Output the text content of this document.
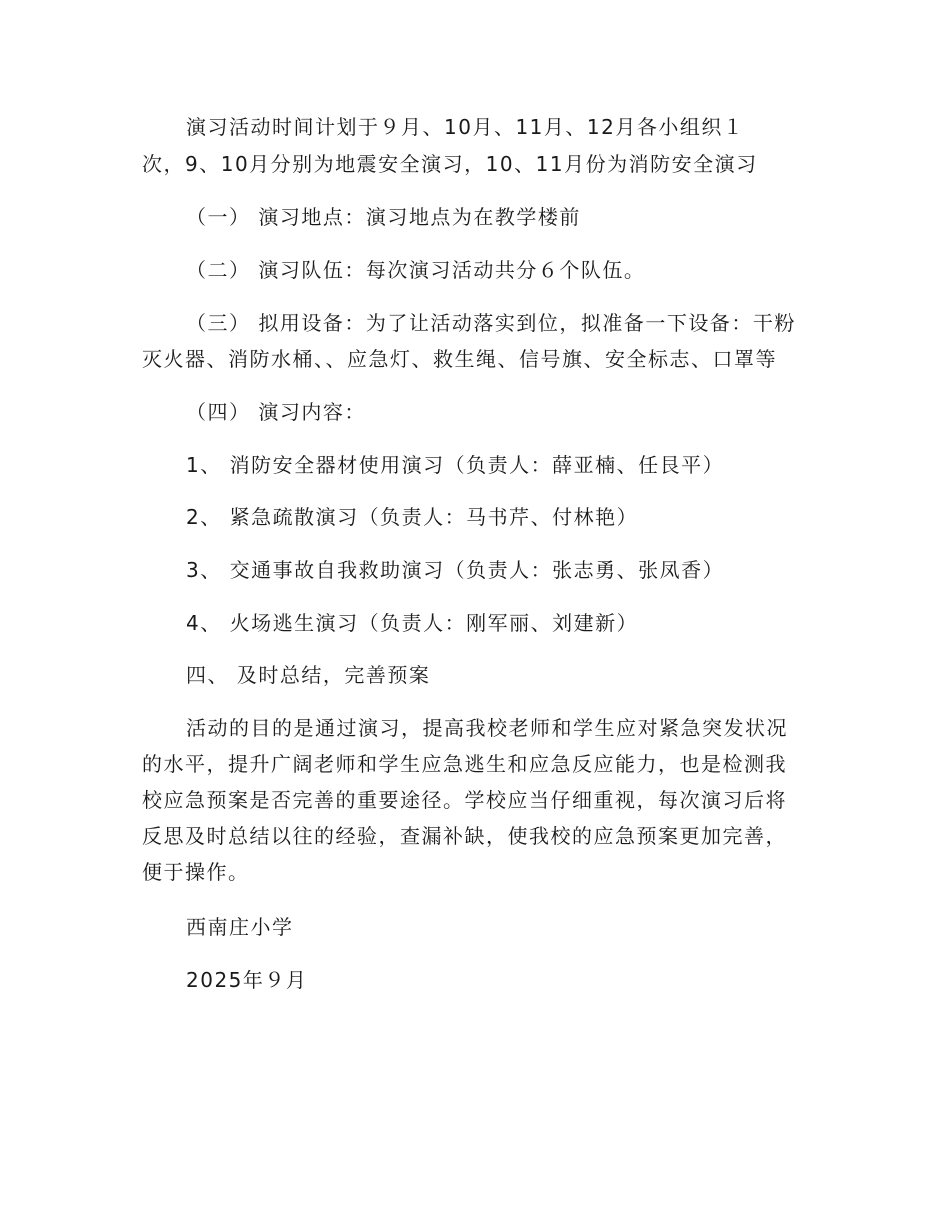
演习活动时间计划于９月、10月、11月、12月各小组织１
次，9、10月分别为地震安全演习，10、11月份为消防安全演习
（一） 演习地点：演习地点为在教学楼前
（二） 演习队伍：每次演习活动共分６个队伍。
（三） 拟用设备：为了让活动落实到位，拟准备一下设备：干粉
灭火器、消防水桶、、应急灯、救生绳、信号旗、安全标志、口罩等
（四） 演习内容：
1、 消防安全器材使用演习（负责人：薛亚楠、任艮平）
2、 紧急疏散演习（负责人：马书芹、付林艳）
3、 交通事故自我救助演习（负责人：张志勇、张凤香）
4、 火场逃生演习（负责人：刚军丽、刘建新）
四、 及时总结，完善预案
活动的目的是通过演习，提高我校老师和学生应对紧急突发状况
的水平，提升广阔老师和学生应急逃生和应急反应能力，也是检测我
校应急预案是否完善的重要途径。学校应当仔细重视，每次演习后将
反思及时总结以往的经验，查漏补缺，使我校的应急预案更加完善，
便于操作。
西南庄小学
2025年９月
